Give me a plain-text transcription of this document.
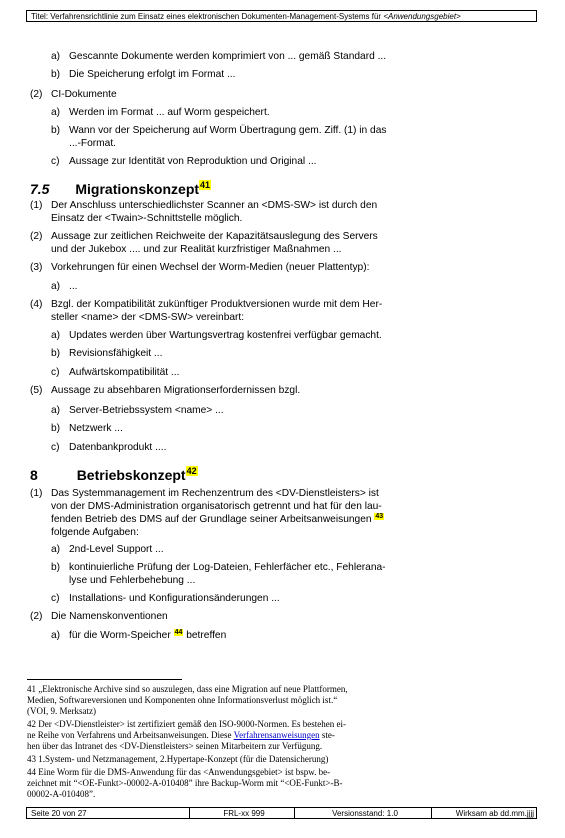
Titel: Verfahrensrichtlinie zum Einsatz eines elektronischen Dokumenten-Management-Systems für <Anwendungsgebiet>
a) Gescannte Dokumente werden komprimiert von ... gemäß Standard ...
b) Die Speicherung erfolgt im Format ...
(2) CI-Dokumente
a) Werden im Format ... auf Worm gespeichert.
b) Wann vor der Speicherung auf Worm Übertragung gem. Ziff. (1) in das
...-Format.
c) Aussage zur Identität von Reproduktion und Original ...
7.5 Migrationskonzept$^{41}$
(1) Der Anschluss unterschiedlichster Scanner an <DMS-SW> ist durch den
Einsatz der <Twain>-Schnittstelle möglich.
(2) Aussage zur zeitlichen Reichweite der Kapazitätsauslegung des Servers
und der Jukebox .... und zur Realität kurzfristiger Maßnahmen ...
(3) Vorkehrungen für einen Wechsel der Worm-Medien (neuer Plattentyp):
a) ...
(4) Bzgl. der Kompatibilität zukünftiger Produktversionen wurde mit dem Her-
steller <name> der <DMS-SW> vereinbart:
a) Updates werden über Wartungsvertrag kostenfrei verfügbar gemacht.
b) Revisionsfähigkeit ...
c) Aufwärtskompatibilität ...
(5) Aussage zu absehbaren Migrationserfordernissen bzgl.
a) Server-Betriebssystem <name> ...
b) Netzwerk ...
c) Datenbankprodukt ....
8	Betriebskonzept$^{42}$
(1) Das Systemmanagement im Rechenzentrum des <DV-Dienstleisters> ist
von der DMS-Administration organisatorisch getrennt und hat für den lau-
fenden Betrieb des DMS auf der Grundlage seiner Arbeitsanweisungen $^{43}$
folgende Aufgaben:
a) 2nd-Level Support ...
b) kontinuierliche Prüfung der Log-Dateien, Fehlerfächer etc., Fehlerana-
lyse und Fehlerbehebung ...
c) Installations- und Konfigurationsänderungen ...
(2) Die Namenskonventionen
a) für die Worm-Speicher $^{44}$ betreffen
41 „Elektronische Archive sind so auszulegen, dass eine Migration auf neue Plattformen,
Medien, Softwareversionen und Komponenten ohne Informationsverlust möglich ist.“
(VOI, 9. Merksatz)
42 Der <DV-Dienstleister> ist zertifiziert gemäß den ISO-9000-Normen. Es bestehen ei-
ne Reihe von Verfahrens und Arbeitsanweisungen. Diese Verfahrensanweisungen ste-
hen über das Intranet des <DV-Dienstleisters> seinen Mitarbeitern zur Verfügung.
43 1.System- und Netzmanagement, 2.Hypertape-Konzept (für die Datensicherung)
44 Eine Worm für die DMS-Anwendung für das <Anwendungsgebiet> ist bspw. be-
zeichnet mit “<OE-Funkt>-00002-A-010408” ihre Backup-Worm mit “<OE-Funkt>-B-
00002-A-010408”.
Seite 20 von 27	FRL-xx 999	Versionsstand: 1.0	Wirksam ab dd.mm.jjjj
